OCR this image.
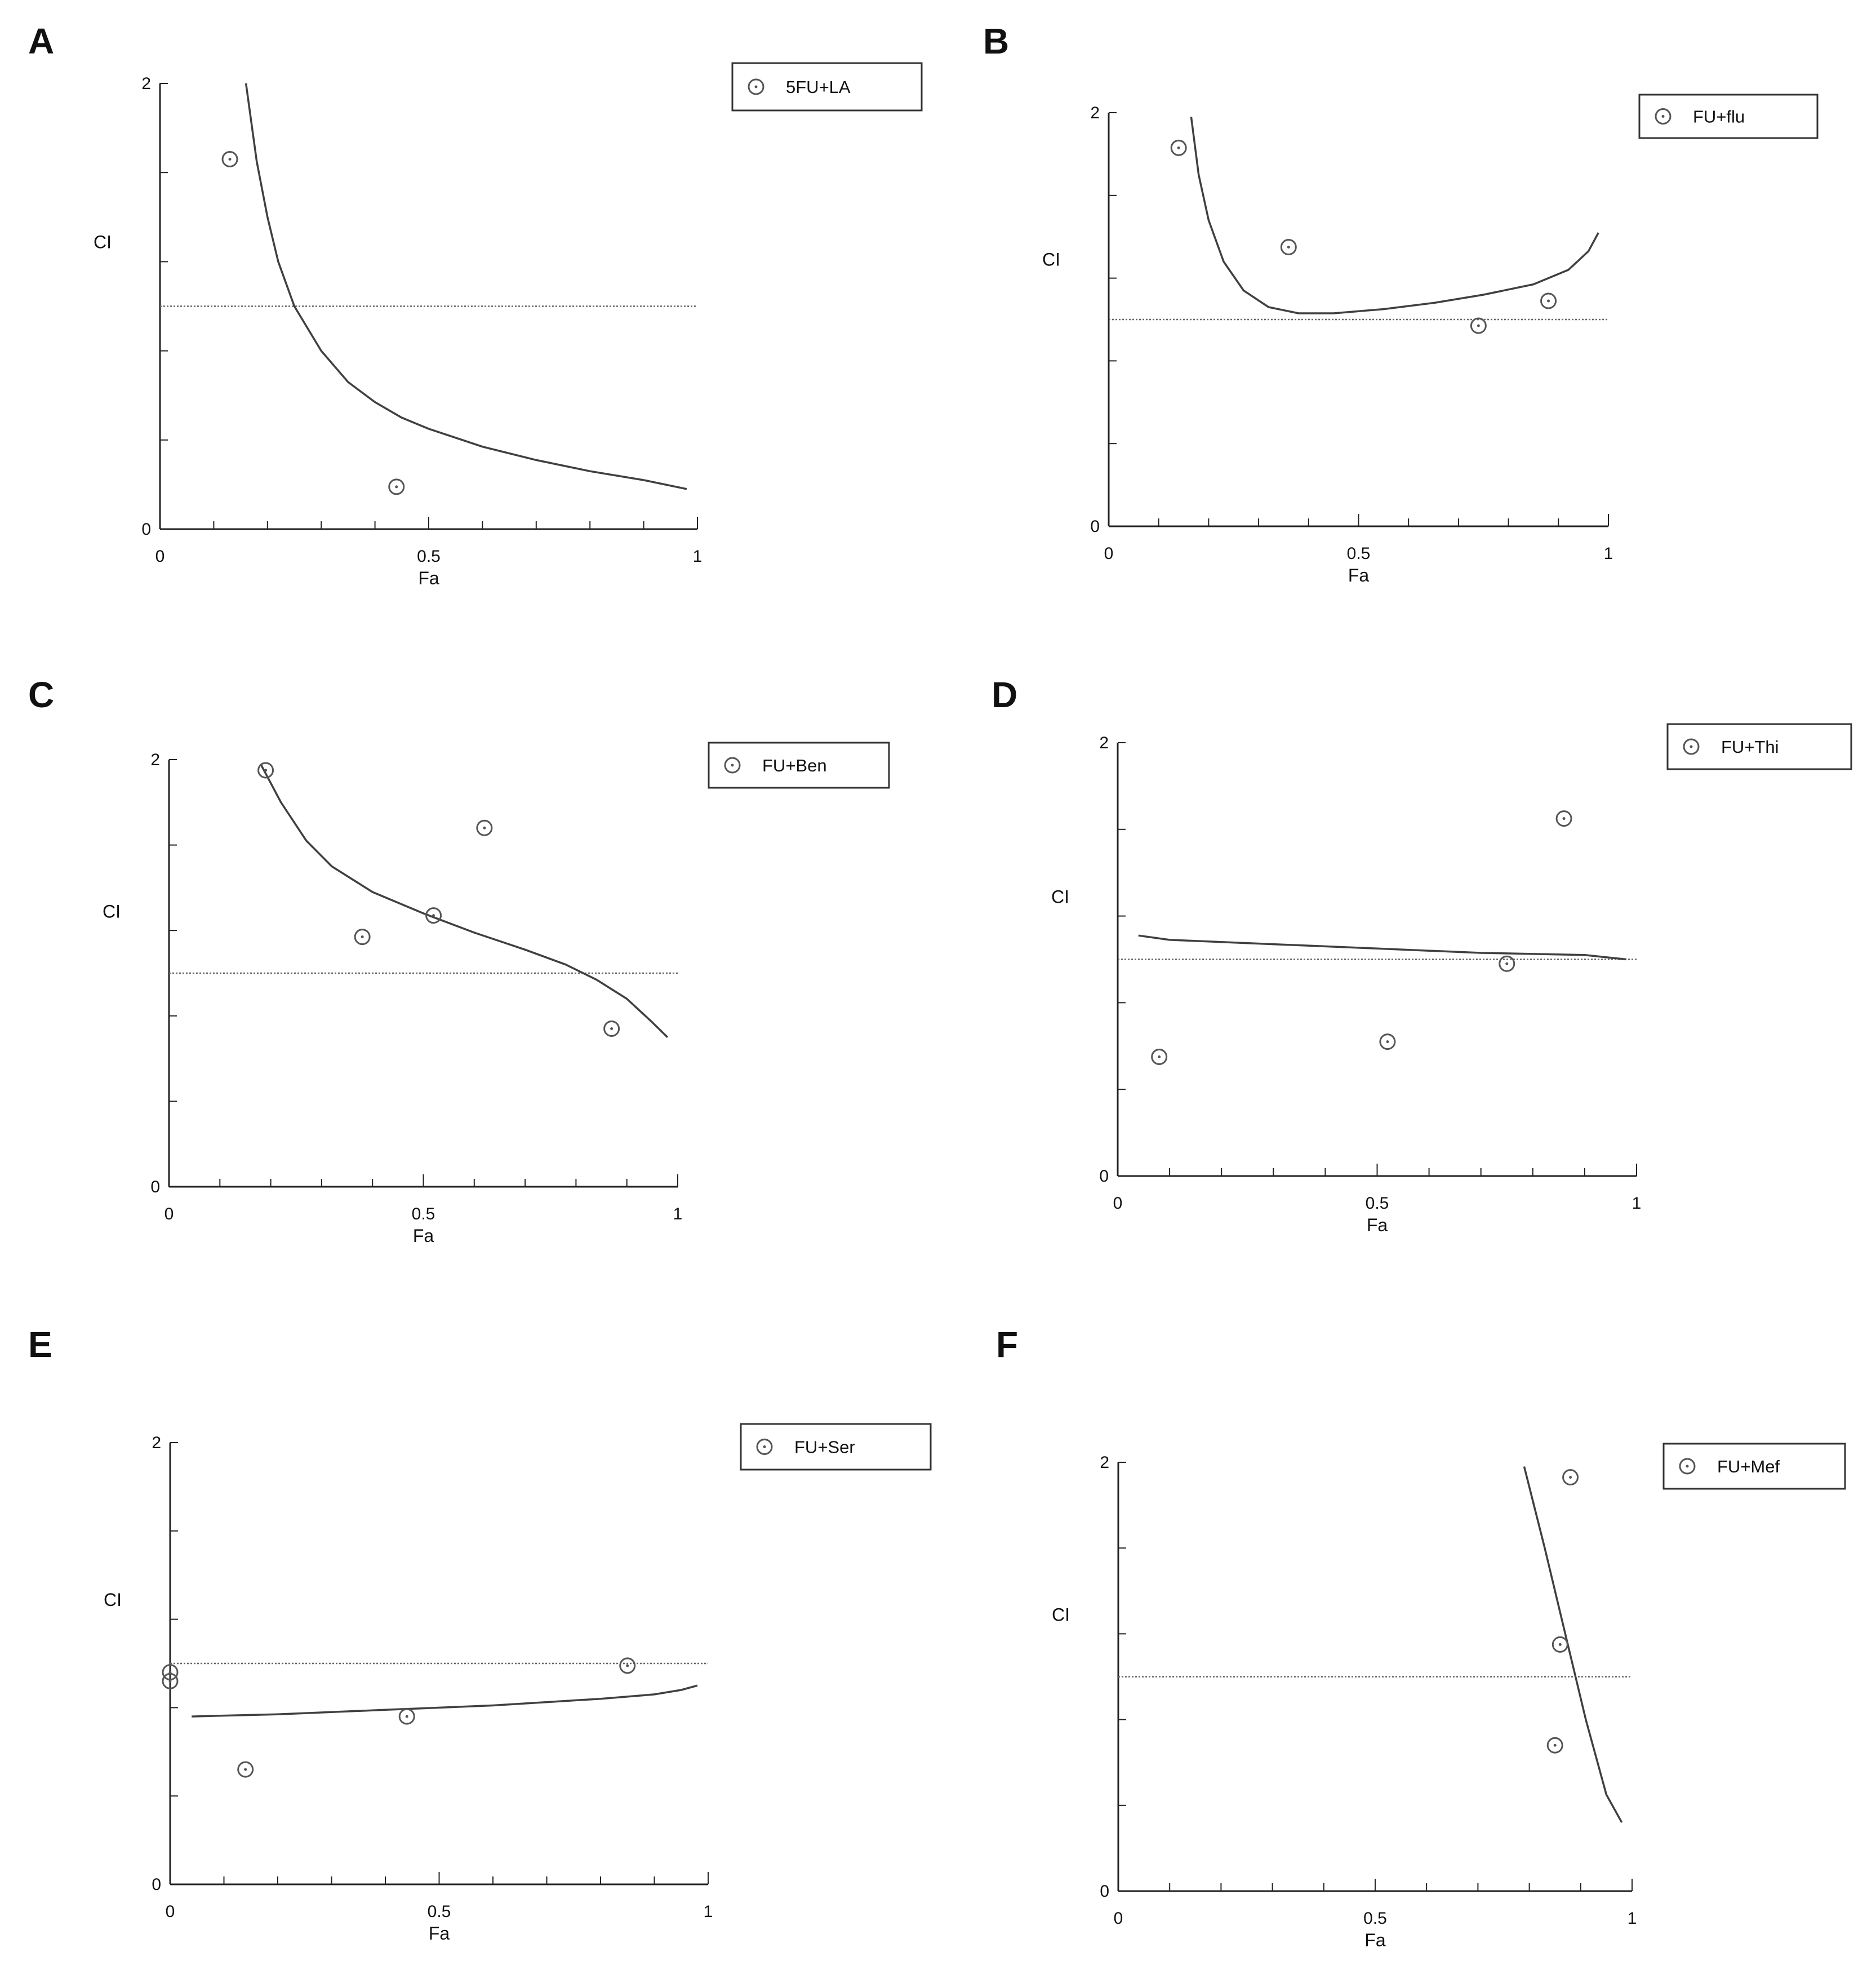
A
0	0.5	1
0
2
Fa
CI
5FU+LA
B
0	0.5	1
0
2
Fa
CI
FU+flu
C
0	0.5	1
0
2
Fa
CI
FU+Ben
D
0	0.5	1
0
2
Fa
CI
FU+Thi
E
0	0.5	1
0
2
Fa
CI
FU+Ser
F
0	0.5	1
0
2
Fa
CI
FU+Mef
